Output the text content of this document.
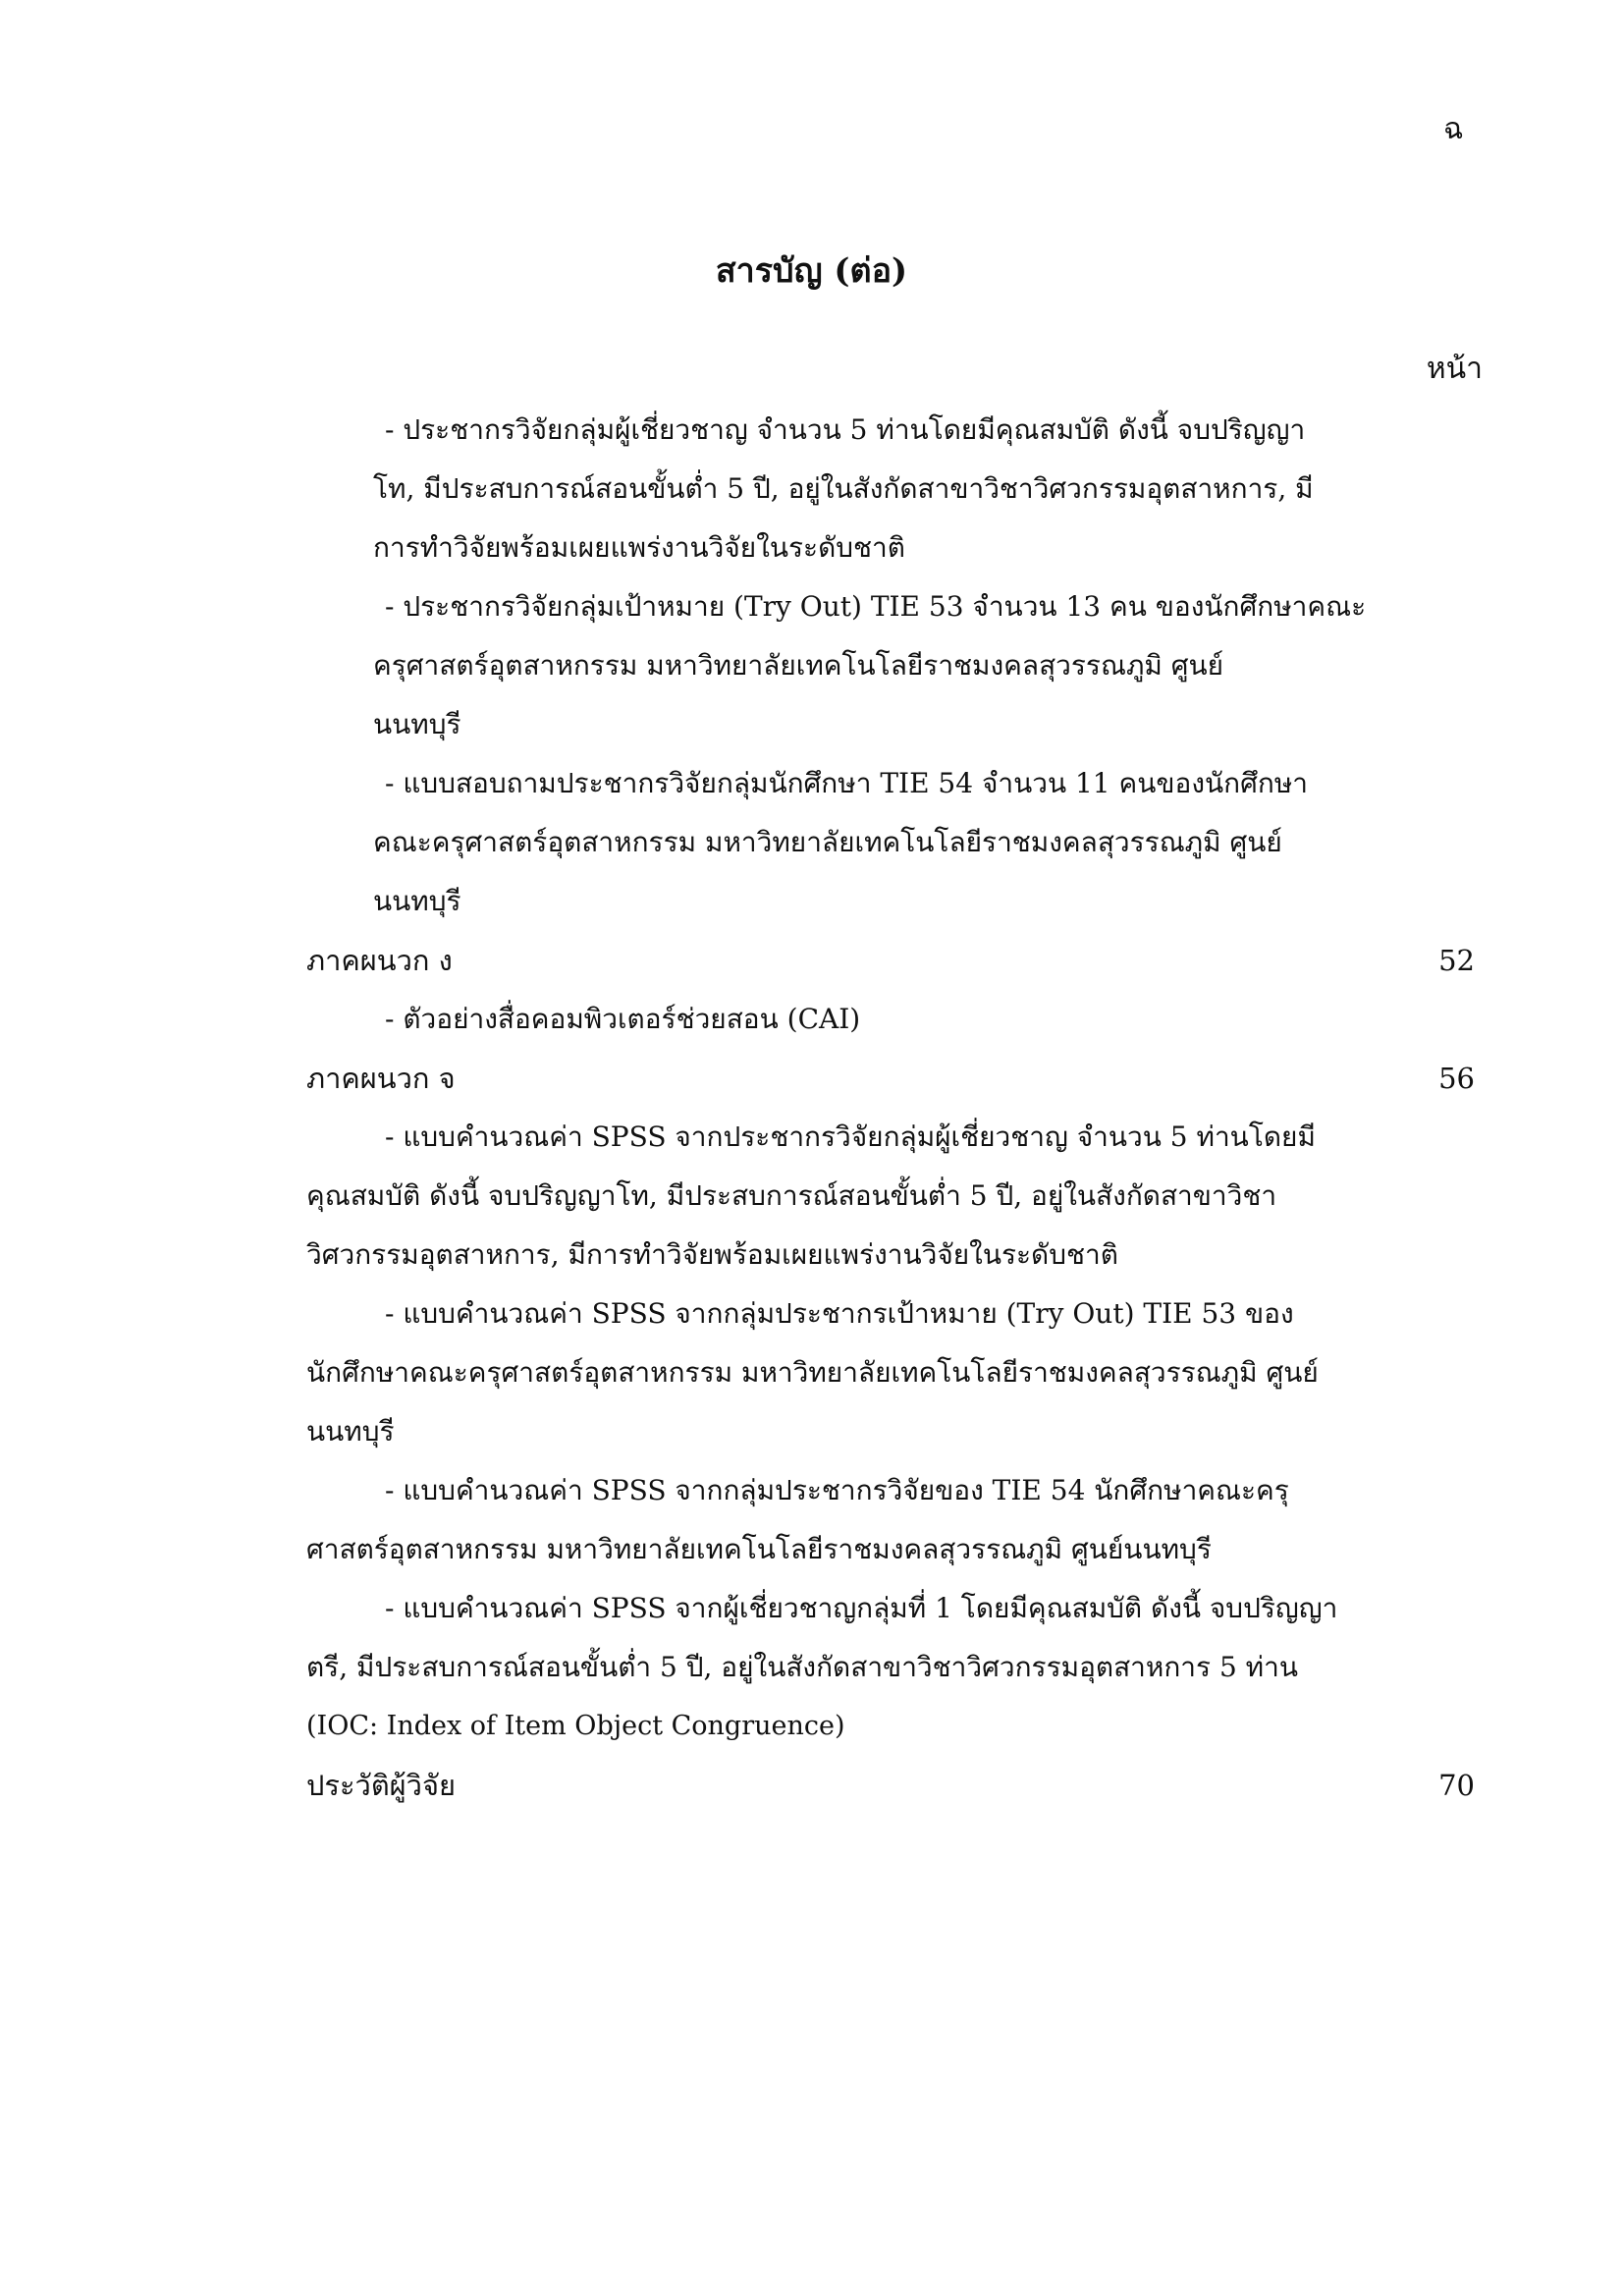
ฉ
สารบัญ (ต่อ)
หน้า
- ประชากรวิจัยกลุ่มผู้เชี่ยวชาญ จำนวน 5 ท่านโดยมีคุณสมบัติ ดังนี้ จบปริญญา
โท, มีประสบการณ์สอนขั้นต่ำ 5 ปี, อยู่ในสังกัดสาขาวิชาวิศวกรรมอุตสาหการ, มี
การทำวิจัยพร้อมเผยแพร่งานวิจัยในระดับชาติ
- ประชากรวิจัยกลุ่มเป้าหมาย (Try Out) TIE 53 จำนวน 13 คน ของนักศึกษาคณะ
ครุศาสตร์อุตสาหกรรม มหาวิทยาลัยเทคโนโลยีราชมงคลสุวรรณภูมิ ศูนย์
นนทบุรี
- แบบสอบถามประชากรวิจัยกลุ่มนักศึกษา TIE 54 จำนวน 11 คนของนักศึกษา
คณะครุศาสตร์อุตสาหกรรม มหาวิทยาลัยเทคโนโลยีราชมงคลสุวรรณภูมิ ศูนย์
นนทบุรี
ภาคผนวก ง	52
- ตัวอย่างสื่อคอมพิวเตอร์ช่วยสอน (CAI)
ภาคผนวก จ	56
- แบบคำนวณค่า SPSS จากประชากรวิจัยกลุ่มผู้เชี่ยวชาญ จำนวน 5 ท่านโดยมี
คุณสมบัติ ดังนี้ จบปริญญาโท, มีประสบการณ์สอนขั้นต่ำ 5 ปี, อยู่ในสังกัดสาขาวิชา
วิศวกรรมอุตสาหการ, มีการทำวิจัยพร้อมเผยแพร่งานวิจัยในระดับชาติ
- แบบคำนวณค่า SPSS จากกลุ่มประชากรเป้าหมาย (Try Out) TIE 53 ของ
นักศึกษาคณะครุศาสตร์อุตสาหกรรม มหาวิทยาลัยเทคโนโลยีราชมงคลสุวรรณภูมิ ศูนย์
นนทบุรี
- แบบคำนวณค่า SPSS จากกลุ่มประชากรวิจัยของ TIE 54 นักศึกษาคณะครุ
ศาสตร์อุตสาหกรรม มหาวิทยาลัยเทคโนโลยีราชมงคลสุวรรณภูมิ ศูนย์นนทบุรี
- แบบคำนวณค่า SPSS จากผู้เชี่ยวชาญกลุ่มที่ 1 โดยมีคุณสมบัติ ดังนี้ จบปริญญา
ตรี, มีประสบการณ์สอนขั้นต่ำ 5 ปี, อยู่ในสังกัดสาขาวิชาวิศวกรรมอุตสาหการ 5 ท่าน
(IOC: Index of Item Object Congruence)
ประวัติผู้วิจัย	70
